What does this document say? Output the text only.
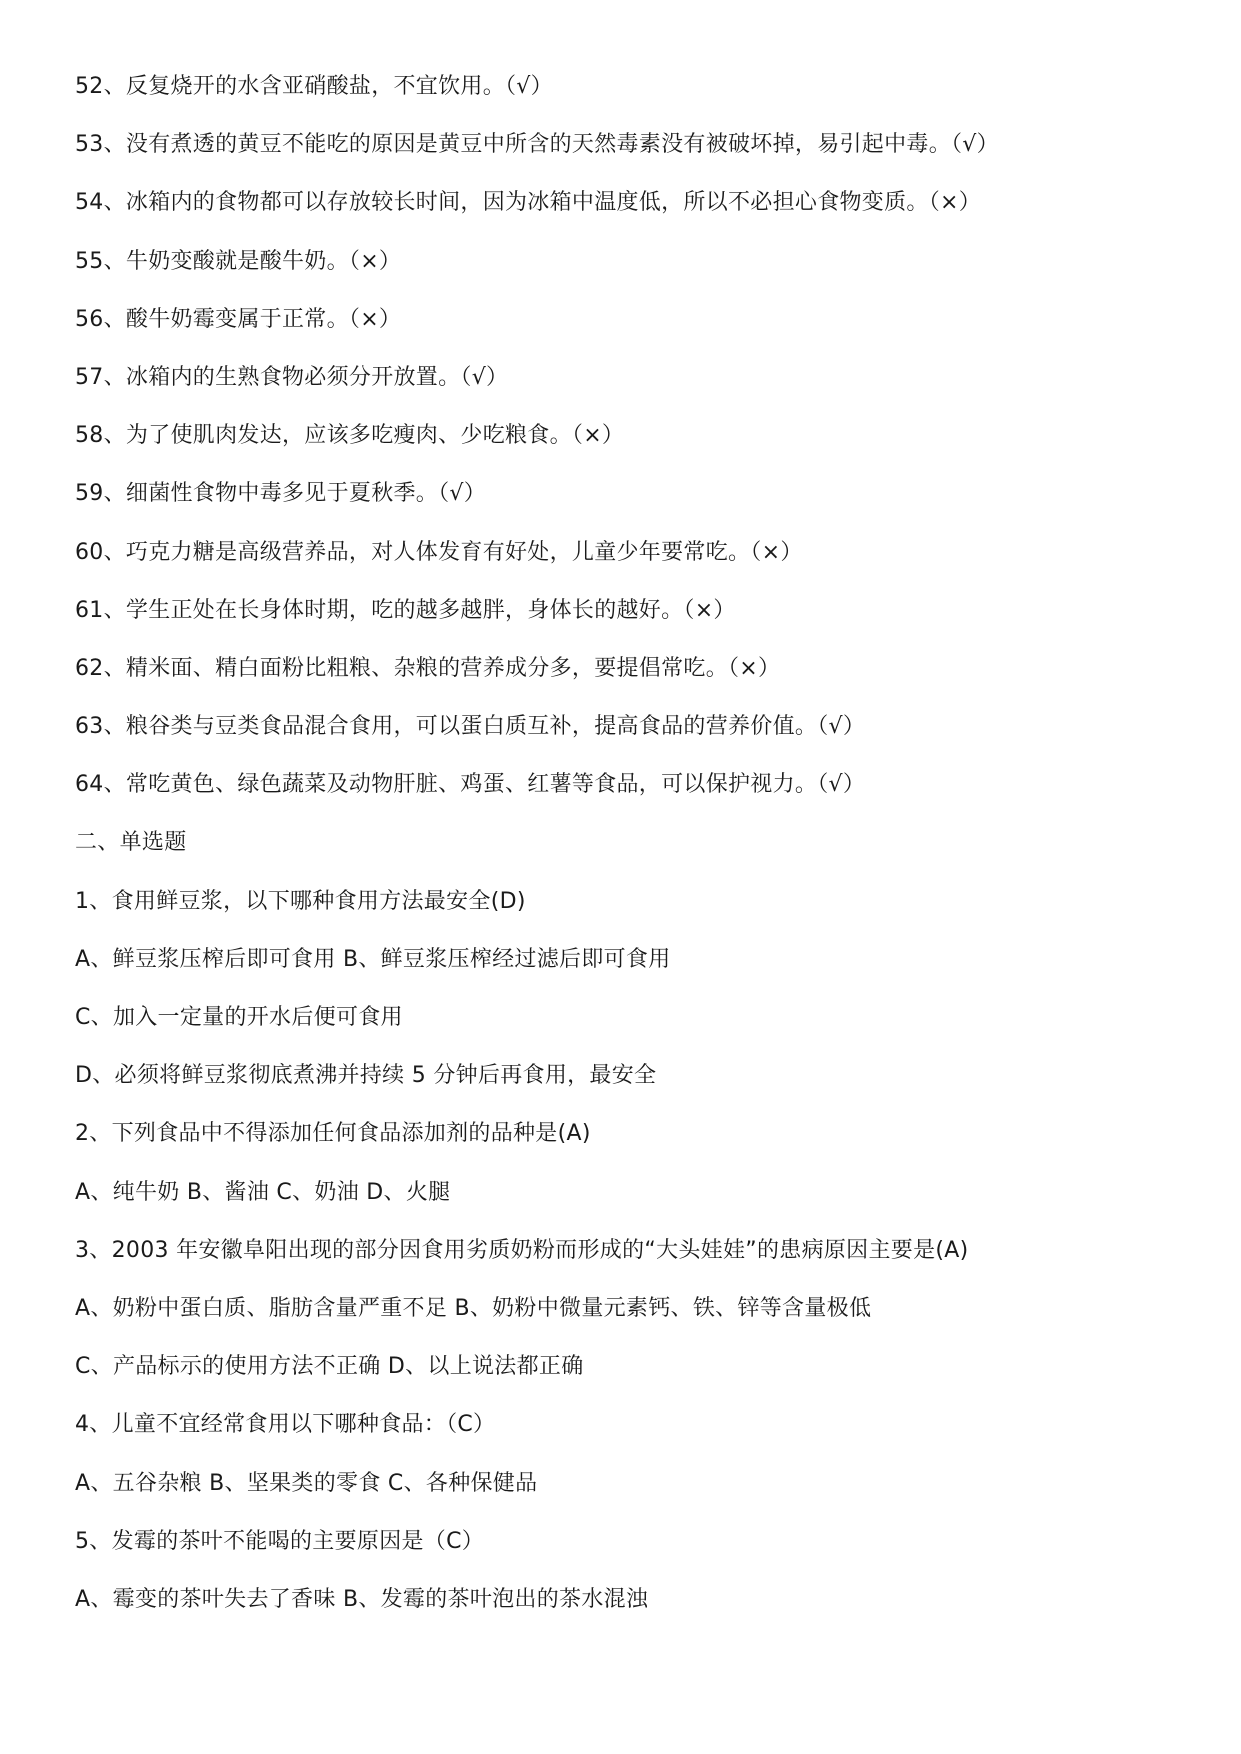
52、反复烧开的水含亚硝酸盐，不宜饮用。（√）
53、没有煮透的黄豆不能吃的原因是黄豆中所含的天然毒素没有被破坏掉，易引起中毒。（√）
54、冰箱内的食物都可以存放较长时间，因为冰箱中温度低，所以不必担心食物变质。（×）
55、牛奶变酸就是酸牛奶。（×）
56、酸牛奶霉变属于正常。（×）
57、冰箱内的生熟食物必须分开放置。（√）
58、为了使肌肉发达，应该多吃瘦肉、少吃粮食。（×）
59、细菌性食物中毒多见于夏秋季。（√）
60、巧克力糖是高级营养品，对人体发育有好处，儿童少年要常吃。（×）
61、学生正处在长身体时期，吃的越多越胖，身体长的越好。（×）
62、精米面、精白面粉比粗粮、杂粮的营养成分多，要提倡常吃。（×）
63、粮谷类与豆类食品混合食用，可以蛋白质互补，提高食品的营养价值。（√）
64、常吃黄色、绿色蔬菜及动物肝脏、鸡蛋、红薯等食品，可以保护视力。（√）
二、单选题
1、食用鲜豆浆，以下哪种食用方法最安全(D)
A、鲜豆浆压榨后即可食用 B、鲜豆浆压榨经过滤后即可食用
C、加入一定量的开水后便可食用
D、必须将鲜豆浆彻底煮沸并持续 5 分钟后再食用，最安全
2、下列食品中不得添加任何食品添加剂的品种是(A)
A、纯牛奶 B、酱油 C、奶油 D、火腿
3、2003 年安徽阜阳出现的部分因食用劣质奶粉而形成的“大头娃娃”的患病原因主要是(A)
A、奶粉中蛋白质、脂肪含量严重不足 B、奶粉中微量元素钙、铁、锌等含量极低
C、产品标示的使用方法不正确 D、以上说法都正确
4、儿童不宜经常食用以下哪种食品：（C）
A、五谷杂粮 B、坚果类的零食 C、各种保健品
5、发霉的茶叶不能喝的主要原因是（C）
A、霉变的茶叶失去了香味 B、发霉的茶叶泡出的茶水混浊
